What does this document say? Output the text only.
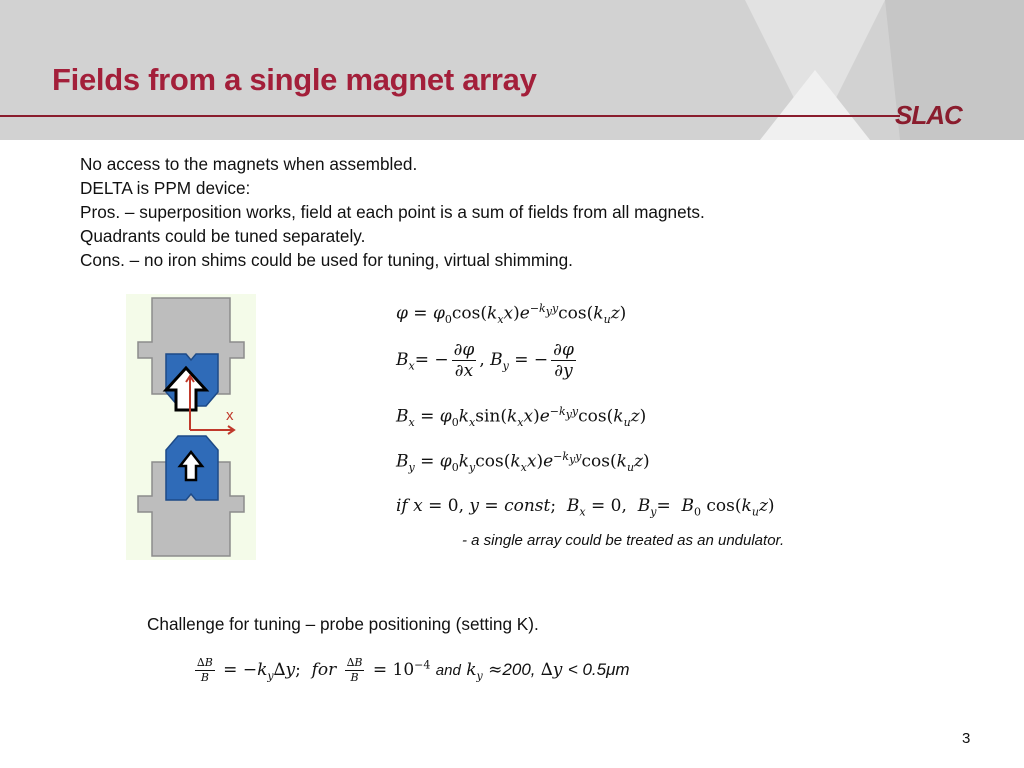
Fields from a single magnet array
SLAC
No access to the magnets when assembled.
DELTA is PPM device:
Pros. – superposition works, field at each point is a sum of fields from all magnets.
Quadrants could be tuned separately.
Cons. – no iron shims could be used for tuning, virtual shimming.
x
$\varphi = \varphi_0\cos(k_xx)e^{-k_yy}\cos(k_uz)$
$B_x= - \frac{\partial\varphi}{\partial x}$ , $B_y$ = − $\frac{\partial\varphi}{\partial y}$
$B_x = \varphi_0k_x\sin(k_xx)e^{-k_yy}\cos(k_uz)$
$B_y = \varphi_0k_y\cos(k_xx)e^{-k_yy}\cos(k_uz)$
if x = 0, y = const;  $B_x = 0$,  $B_y= B_0$ $\cos(k_uz)$
- a single array could be treated as an undulator.
Challenge for tuning – probe positioning (setting K).
$\frac{\Delta B}{B} = -k_y\Delta y$;  for $\frac{\Delta B}{B} = 10^{-4}$ and $k_y \approx 200$, ∆y < 0.5μm
3
